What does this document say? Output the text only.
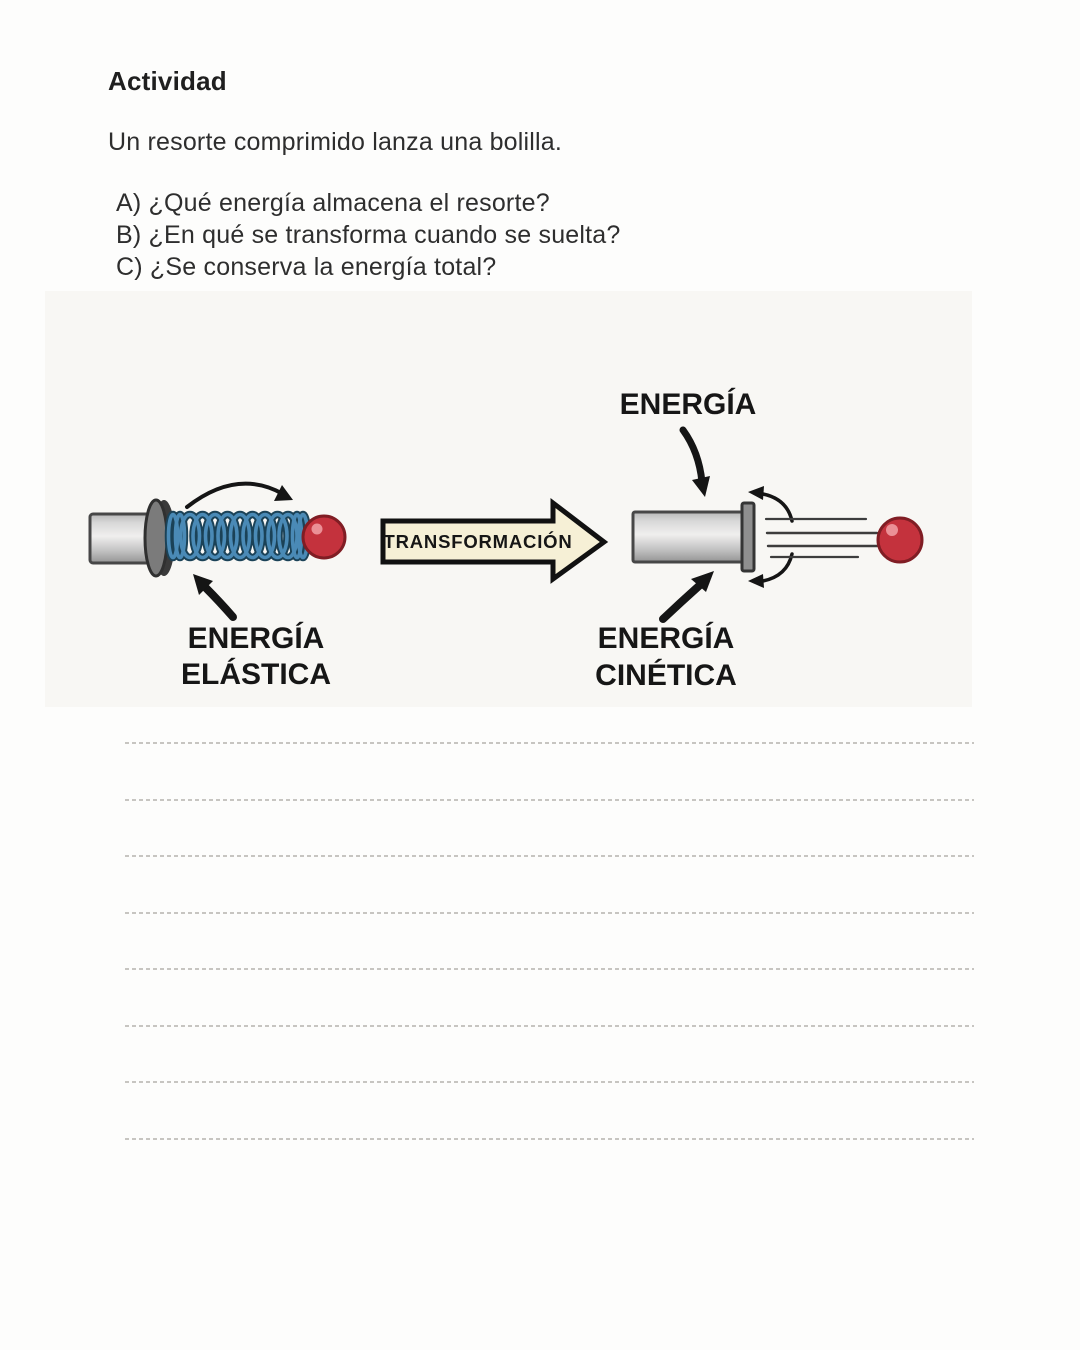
Actividad
Un resorte comprimido lanza una bolilla.

A) ¿Qué energía almacena el resorte?

B) ¿En qué se transforma cuando se suelta?

C) ¿Se conserva la energía total?

ENERGÍA
ELÁSTICA
TRANSFORMACIÓN
ENERGÍA
ENERGÍA
CINÉTICA
